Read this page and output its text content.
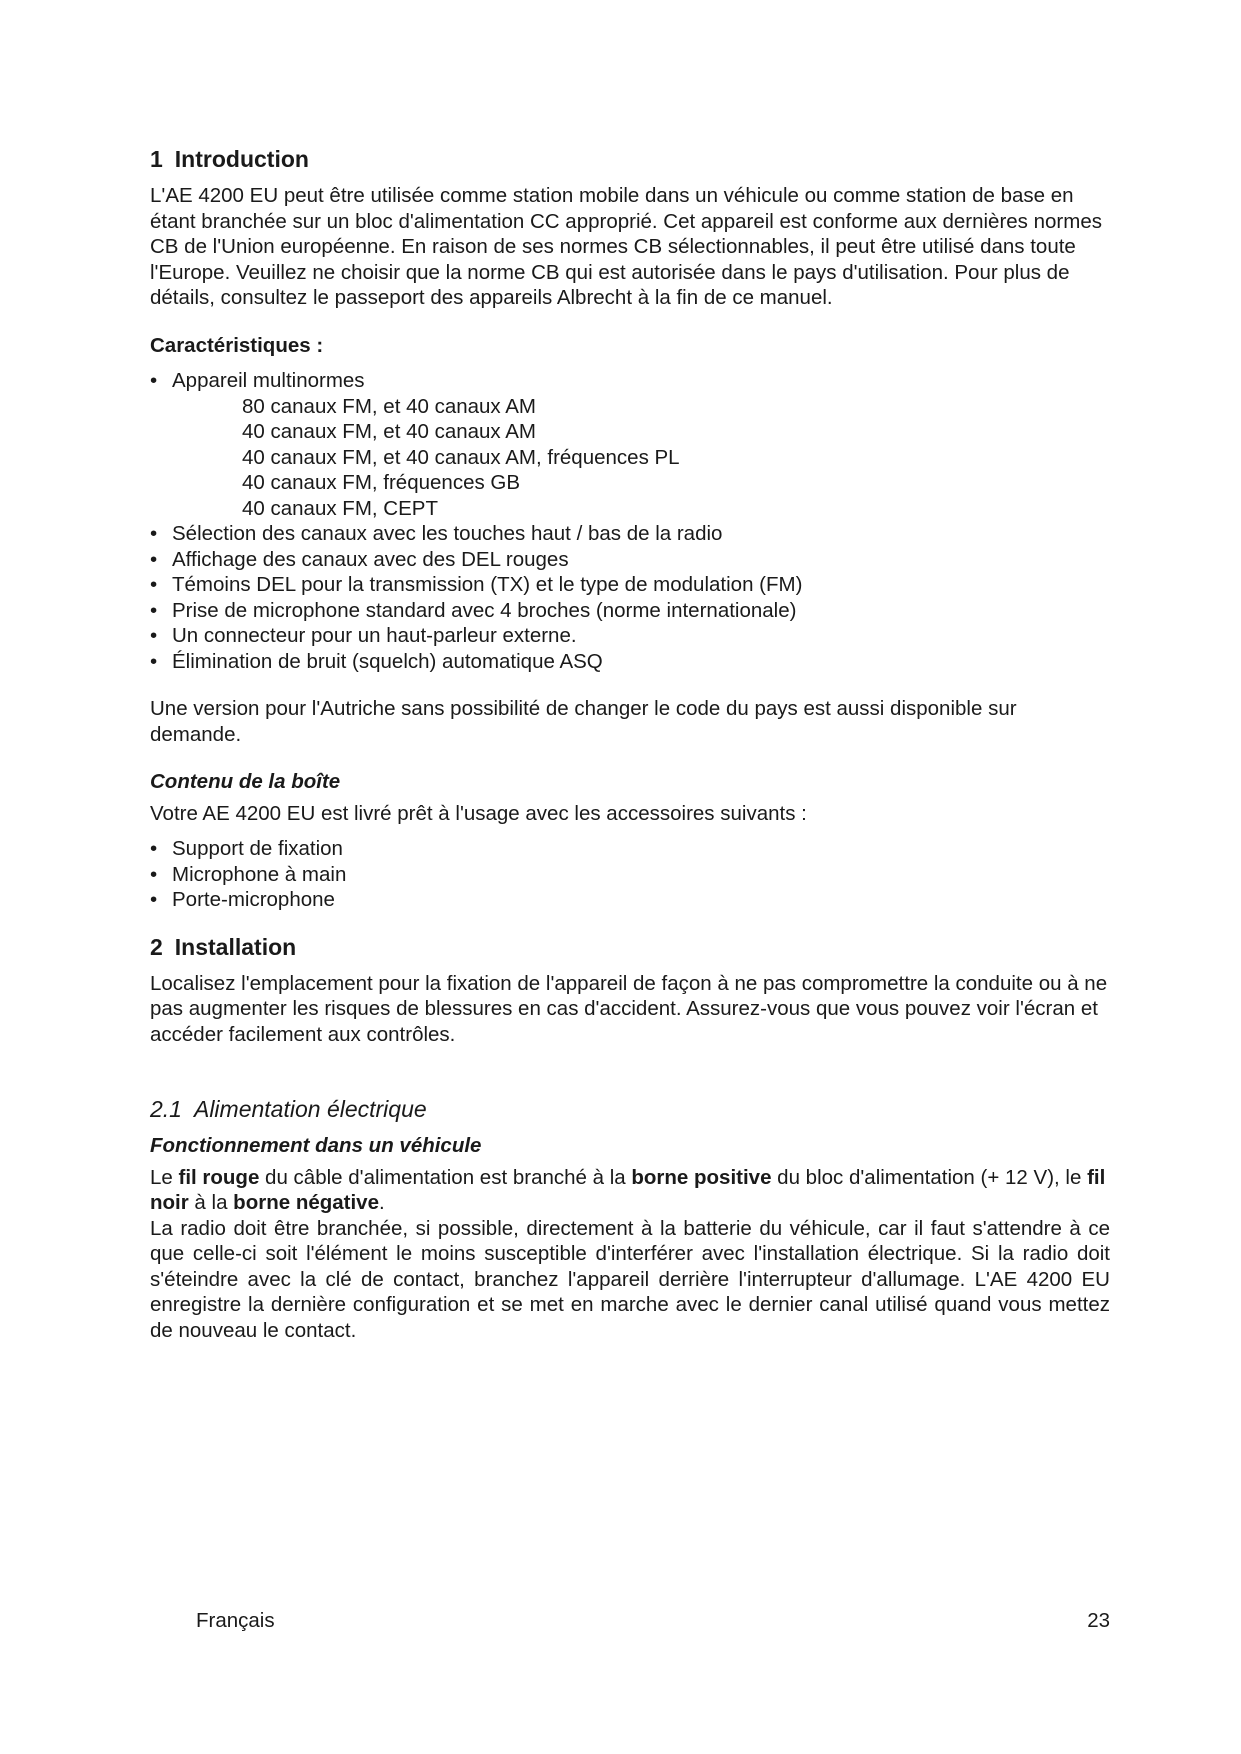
1 Introduction

L'AE 4200 EU peut être utilisée comme station mobile dans un véhicule ou comme station de base en étant branchée sur un bloc d'alimentation CC approprié. Cet appareil est conforme aux dernières normes CB de l'Union européenne. En raison de ses normes CB sélectionnables, il peut être utilisé dans toute l'Europe. Veuillez ne choisir que la norme CB qui est autorisée dans le pays d'utilisation. Pour plus de détails, consultez le passeport des appareils Albrecht à la fin de ce manuel.

Caractéristiques :

• Appareil multinormes
80 canaux FM, et 40 canaux AM
40 canaux FM, et 40 canaux AM
40 canaux FM, et 40 canaux AM, fréquences PL
40 canaux FM, fréquences GB
40 canaux FM, CEPT
• Sélection des canaux avec les touches haut / bas de la radio
• Affichage des canaux avec des DEL rouges
• Témoins DEL pour la transmission (TX) et le type de modulation (FM)
• Prise de microphone standard avec 4 broches (norme internationale)
• Un connecteur pour un haut-parleur externe.
• Élimination de bruit (squelch) automatique ASQ

Une version pour l'Autriche sans possibilité de changer le code du pays est aussi disponible sur demande.

Contenu de la boîte

Votre AE 4200 EU est livré prêt à l'usage avec les accessoires suivants :

• Support de fixation
• Microphone à main
• Porte-microphone
2 Installation

Localisez l'emplacement pour la fixation de l'appareil de façon à ne pas compromettre la conduite ou à ne pas augmenter les risques de blessures en cas d'accident. Assurez-vous que vous pouvez voir l'écran et accéder facilement aux contrôles.

2.1 Alimentation électrique

Fonctionnement dans un véhicule

Le fil rouge du câble d'alimentation est branché à la borne positive du bloc d'alimentation (+ 12 V), le fil noir à la borne négative.

La radio doit être branchée, si possible, directement à la batterie du véhicule, car il faut s'attendre à ce que celle-ci soit l'élément le moins susceptible d'interférer avec l'installation électrique. Si la radio doit s'éteindre avec la clé de contact, branchez l'appareil derrière l'interrupteur d'allumage. L'AE 4200 EU enregistre la dernière configuration et se met en marche avec le dernier canal utilisé quand vous mettez de nouveau le contact.

Français	23
